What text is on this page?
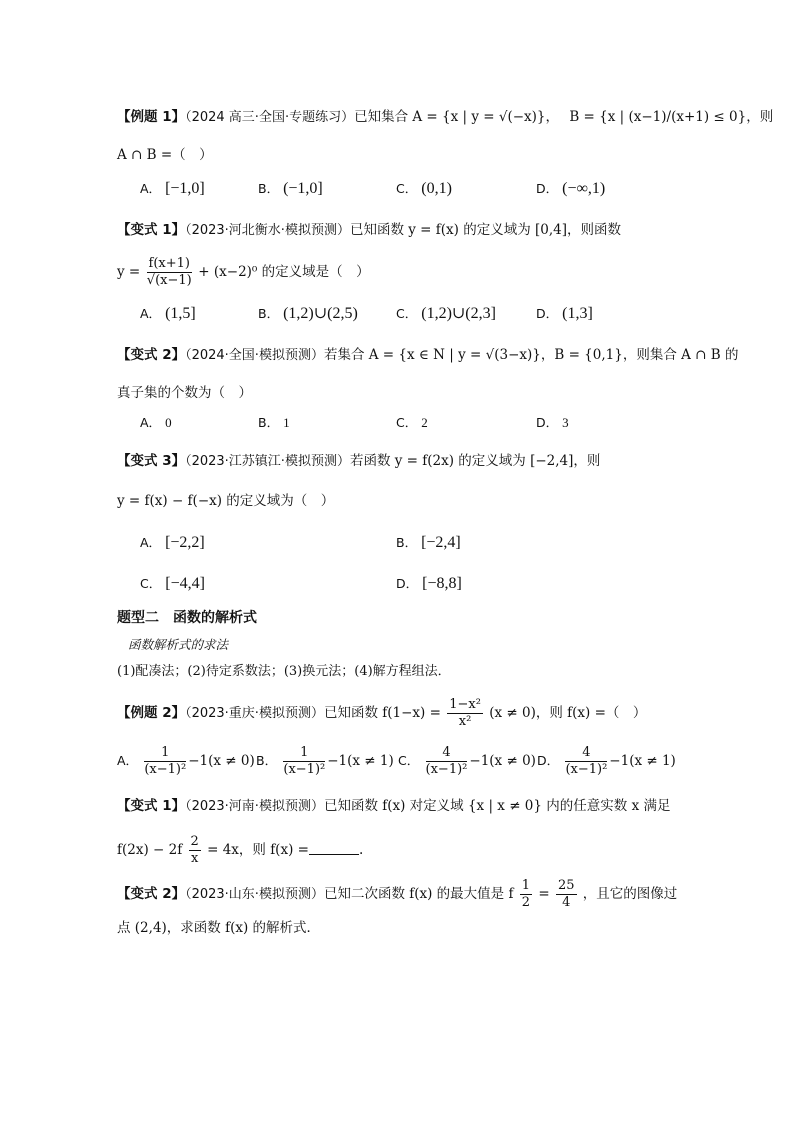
【例题 1】（2024 高三·全国·专题练习）已知集合 A = {x | y = √(−x)}， B = {x | (x−1)/(x+1) ≤ 0}，则
A ∩ B =（　）
A． [−1,0]	B． (−1,0]	C． (0,1)	D． (−∞,1)
【变式 1】（2023·河北衡水·模拟预测）已知函数 y = f(x) 的定义域为 [0,4]，则函数
$y = \frac{f(x+1)}{√(x-1)} + (x-2)^0$ 的定义域是（　）
A． (1,5]	B． (1,2)∪(2,5)	C． (1,2)∪(2,3]	D． (1,3]
【变式 2】（2024·全国·模拟预测）若集合 A = {x ∈ N | y = √(3−x)}，B = {0,1}，则集合 A ∩ B 的
真子集的个数为（　）
A． 0	B． 1	C． 2	D． 3
【变式 3】（2023·江苏镇江·模拟预测）若函数 y = f(2x) 的定义域为 [−2,4]，则
y = f(x) − f(−x) 的定义域为（　）
A． [−2,2]	B． [−2,4]
C． [−4,4]	D． [−8,8]
题型二　函数的解析式
函数解析式的求法
(1)配凑法；(2)待定系数法；(3)换元法；(4)解方程组法．
【例题 2】（2023·重庆·模拟预测）已知函数 $f(1-x) = \frac{\text{1−x²}}{\text{x²}} (x \ne 0)$，则 f(x) =（　）
A． $\frac{1}{\text{(x−1)²}} -1(x \ne 0)$ B． $\frac{1}{\text{(x−1)²}} -1(x \ne 1)$ C． $\frac{4}{\text{(x−1)²}} -1(x \ne 0)$ D． $\frac{4}{\text{(x−1)²}} -1(x \ne 1)$
【变式 1】（2023·河南·模拟预测）已知函数 f(x) 对定义域 {x | x ≠ 0} 内的任意实数 x 满足
$f(2x) - 2f \frac{2}{x} = 4x$，则 f(x) =	.
【变式 2】（2023·山东·模拟预测）已知二次函数 f(x) 的最大值是 f $\frac{1}{2} = \frac{25}{4}$ ，且它的图像过
点 (2,4)，求函数 f(x) 的解析式．
